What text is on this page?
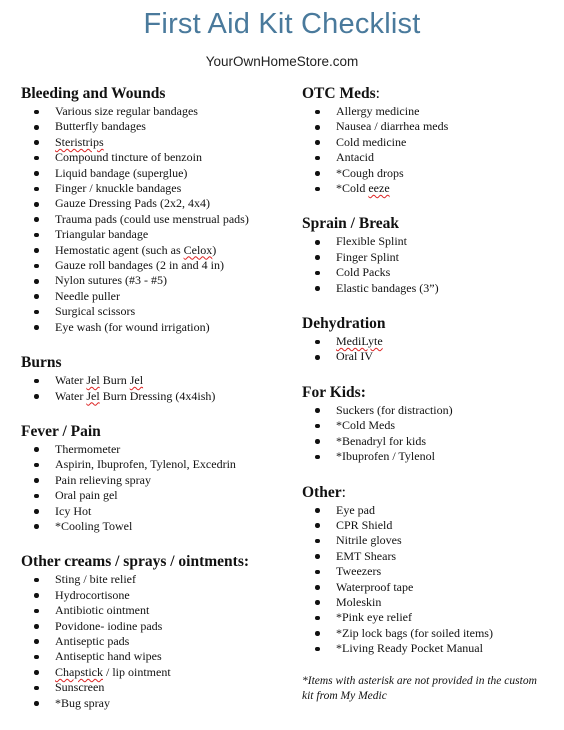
First Aid Kit Checklist
YourOwnHomeStore.com
Bleeding and Wounds
Various size regular bandages
Butterfly bandages
Steristrips
Compound tincture of benzoin
Liquid bandage (superglue)
Finger / knuckle bandages
Gauze Dressing Pads (2x2, 4x4)
Trauma pads (could use menstrual pads)
Triangular bandage
Hemostatic agent (such as Celox)
Gauze roll bandages (2 in and 4 in)
Nylon sutures (#3 - #5)
Needle puller
Surgical scissors
Eye wash (for wound irrigation)
Burns
Water Jel Burn Jel
Water Jel Burn Dressing (4x4ish)
Fever / Pain
Thermometer
Aspirin, Ibuprofen, Tylenol, Excedrin
Pain relieving spray
Oral pain gel
Icy Hot
*Cooling Towel
Other creams / sprays / ointments:
Sting / bite relief
Hydrocortisone
Antibiotic ointment
Povidone- iodine pads
Antiseptic pads
Antiseptic hand wipes
Chapstick / lip ointment
Sunscreen
*Bug spray
OTC Meds:
Allergy medicine
Nausea / diarrhea meds
Cold medicine
Antacid
*Cough drops
*Cold eeze
Sprain / Break
Flexible Splint
Finger Splint
Cold Packs
Elastic bandages (3”)
Dehydration
MediLyte
Oral IV
For Kids:
Suckers (for distraction)
*Cold Meds
*Benadryl for kids
*Ibuprofen / Tylenol
Other:
Eye pad
CPR Shield
Nitrile gloves
EMT Shears
Tweezers
Waterproof tape
Moleskin
*Pink eye relief
*Zip lock bags (for soiled items)
*Living Ready Pocket Manual
*Items with asterisk are not provided in the custom kit from My Medic
